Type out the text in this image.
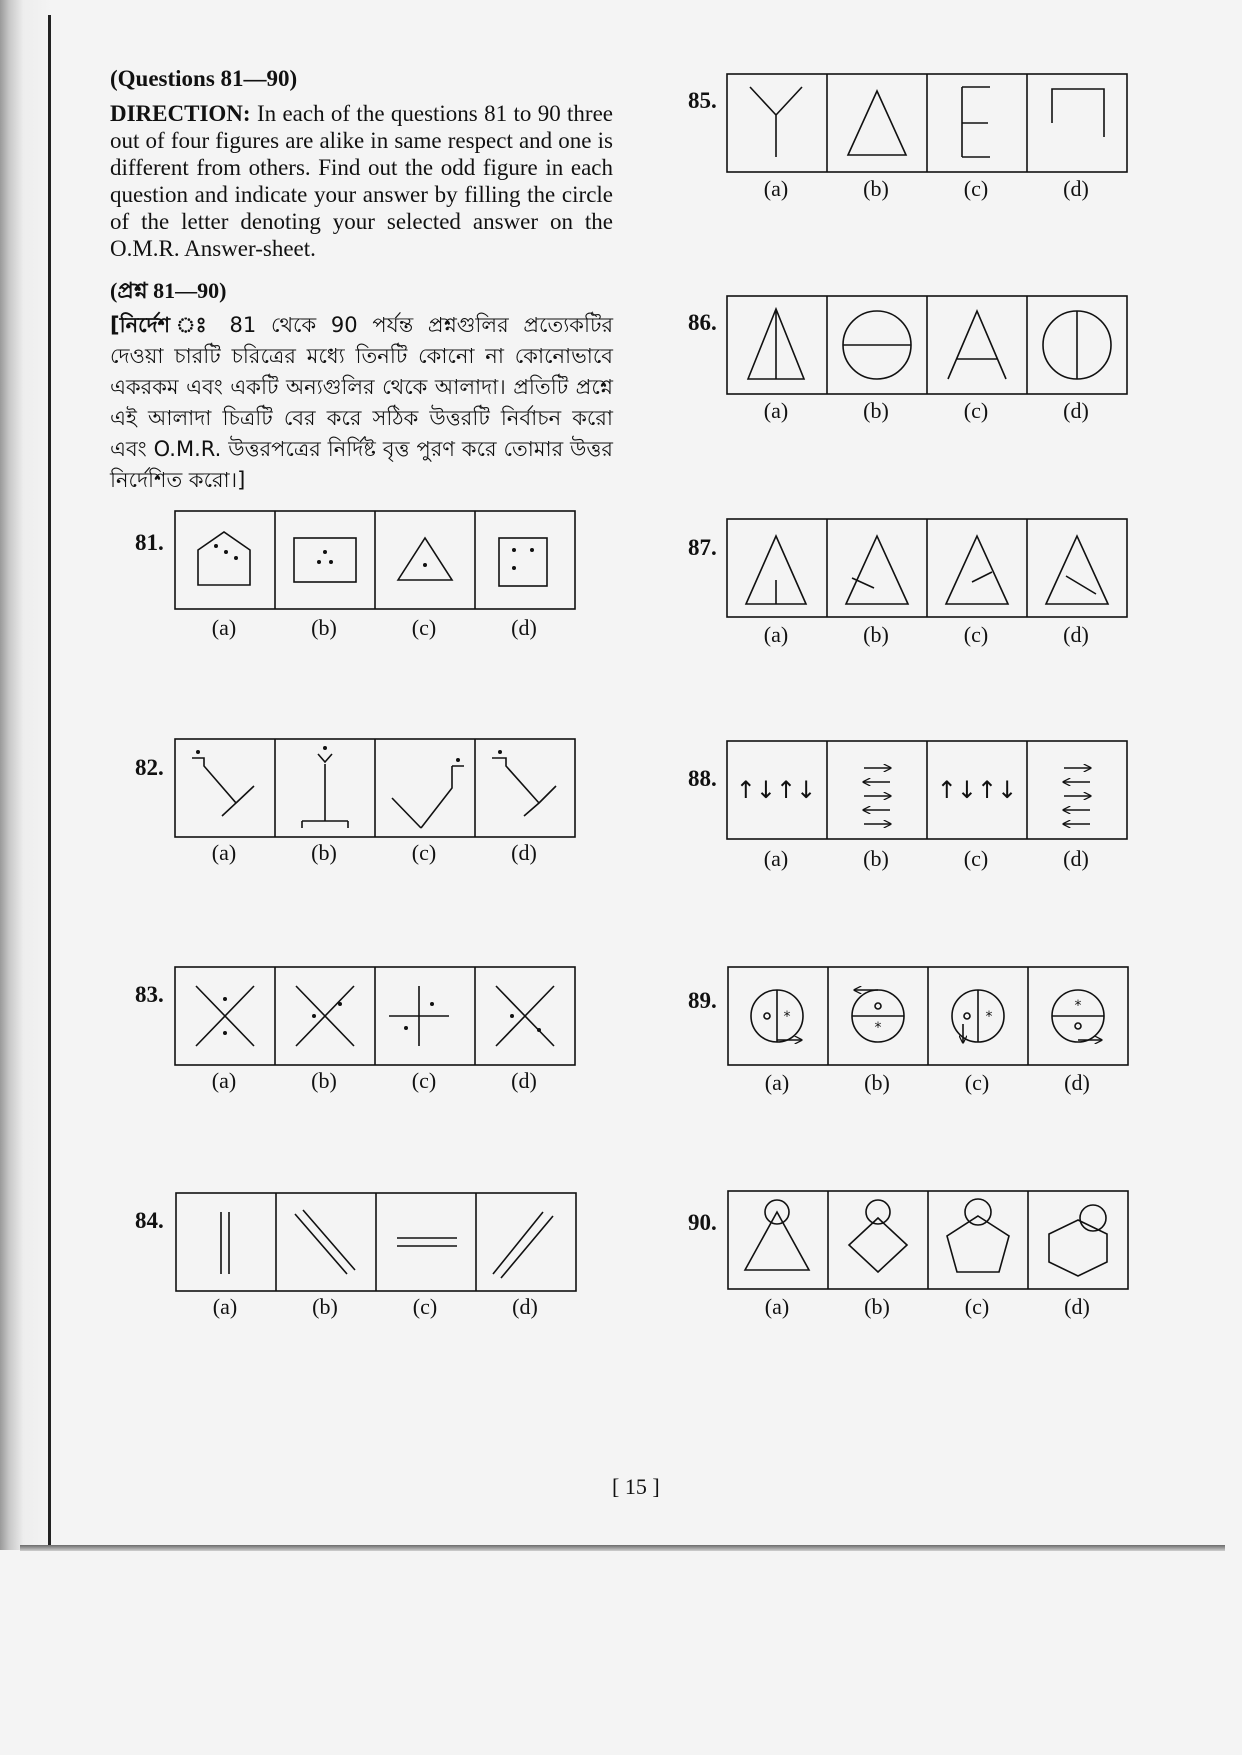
(Questions 81—90)
DIRECTION: In each of the questions 81 to 90 three out of four figures are alike in same respect and one is different from others. Find out the odd figure in each question and indicate your answer by filling the circle of the letter denoting your selected answer on the O.M.R. Answer-sheet.
(প্রশ্ন 81—90)
[নির্দেশ ঃ 81 থেকে 90 পর্যন্ত প্রশ্নগুলির প্রত্যেকটির দেওয়া চারটি চরিত্রের মধ্যে তিনটি কোনো না কোনোভাবে একরকম এবং একটি অন্যগুলির থেকে আলাদা। প্রতিটি প্রশ্নে এই আলাদা চিত্রটি বের করে সঠিক উত্তরটি নির্বাচন করো এবং O.M.R. উত্তরপত্রের নির্দিষ্ট বৃত্ত পুরণ করে তোমার উত্তর নির্দেশিত করো।]
81.
(a)	(b)	(c)	(d)
82.
(a)	(b)	(c)	(d)
83.
(a)	(b)	(c)	(d)
84.
(a)	(b)	(c)	(d)
85.
(a)	(b)	(c)	(d)
86.
(a)	(b)	(c)	(d)
87.
(a)	(b)	(c)	(d)
88. ↑↓↑↓	↑↓↑↓
(a)	(b)	(c)	(d)
89.
*
*
*
*
(a)	(b)	(c)	(d)
90.
(a)	(b)	(c)	(d)
[ 15 ]
